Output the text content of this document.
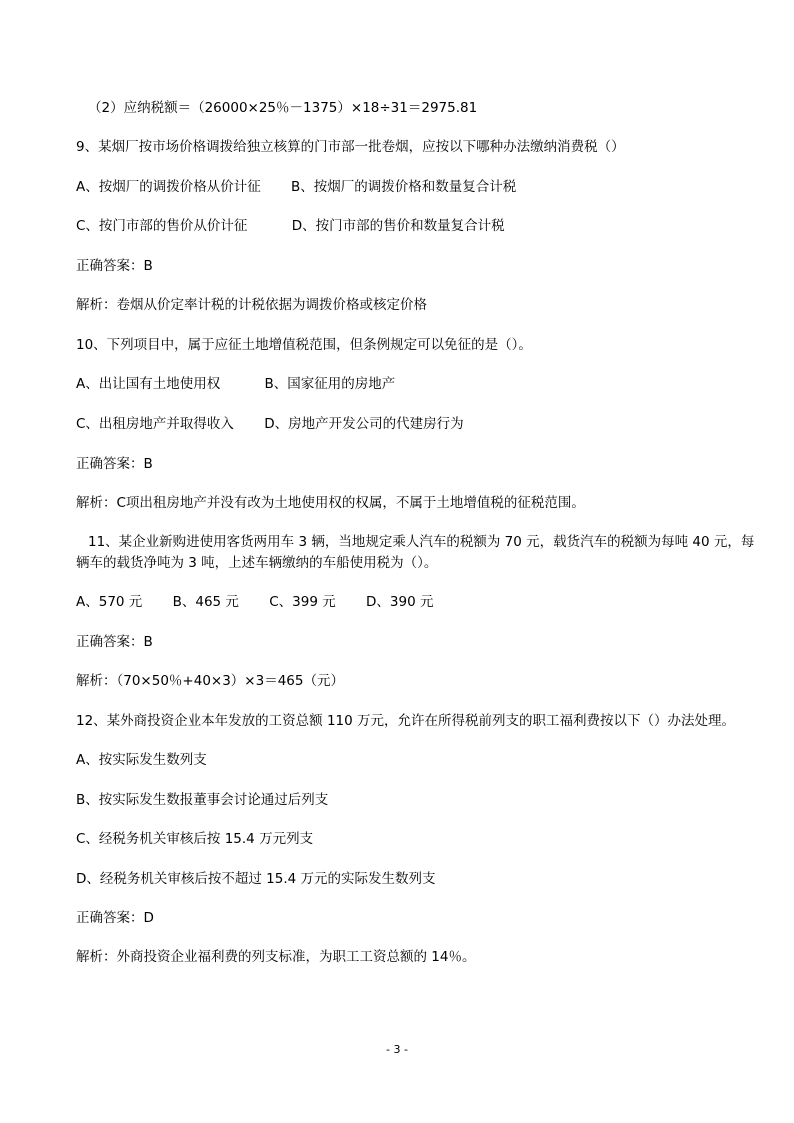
（2）应纳税额＝（26000×25％－1375）×18÷31＝2975.81
9、某烟厂按市场价格调拨给独立核算的门市部一批卷烟，应按以下哪种办法缴纳消费税（）
A、按烟厂的调拨价格从价计征 B、按烟厂的调拨价格和数量复合计税
C、按门市部的售价从价计征	D、按门市部的售价和数量复合计税
正确答案：B
解析：卷烟从价定率计税的计税依据为调拨价格或核定价格
10、下列项目中，属于应征土地增值税范围，但条例规定可以免征的是（）。
A、出让国有土地使用权	B、国家征用的房地产
C、出租房地产并取得收入 D、房地产开发公司的代建房行为
正确答案：B
解析：C项出租房地产并没有改为土地使用权的权属，不属于土地增值税的征税范围。
11、某企业新购进使用客货两用车 3 辆，当地规定乘人汽车的税额为 70 元，载货汽车的税额为每吨 40 元，每
辆车的载货净吨为 3 吨，上述车辆缴纳的车船使用税为（）。
A、570 元 B、465 元 C、399 元 D、390 元
正确答案：B
解析：（70×50％+40×3）×3＝465（元）
12、某外商投资企业本年发放的工资总额 110 万元，允许在所得税前列支的职工福利费按以下（）办法处理。
A、按实际发生数列支
B、按实际发生数报董事会讨论通过后列支
C、经税务机关审核后按 15.4 万元列支
D、经税务机关审核后按不超过 15.4 万元的实际发生数列支
正确答案：D
解析：外商投资企业福利费的列支标准，为职工工资总额的 14％。
- 3 -
